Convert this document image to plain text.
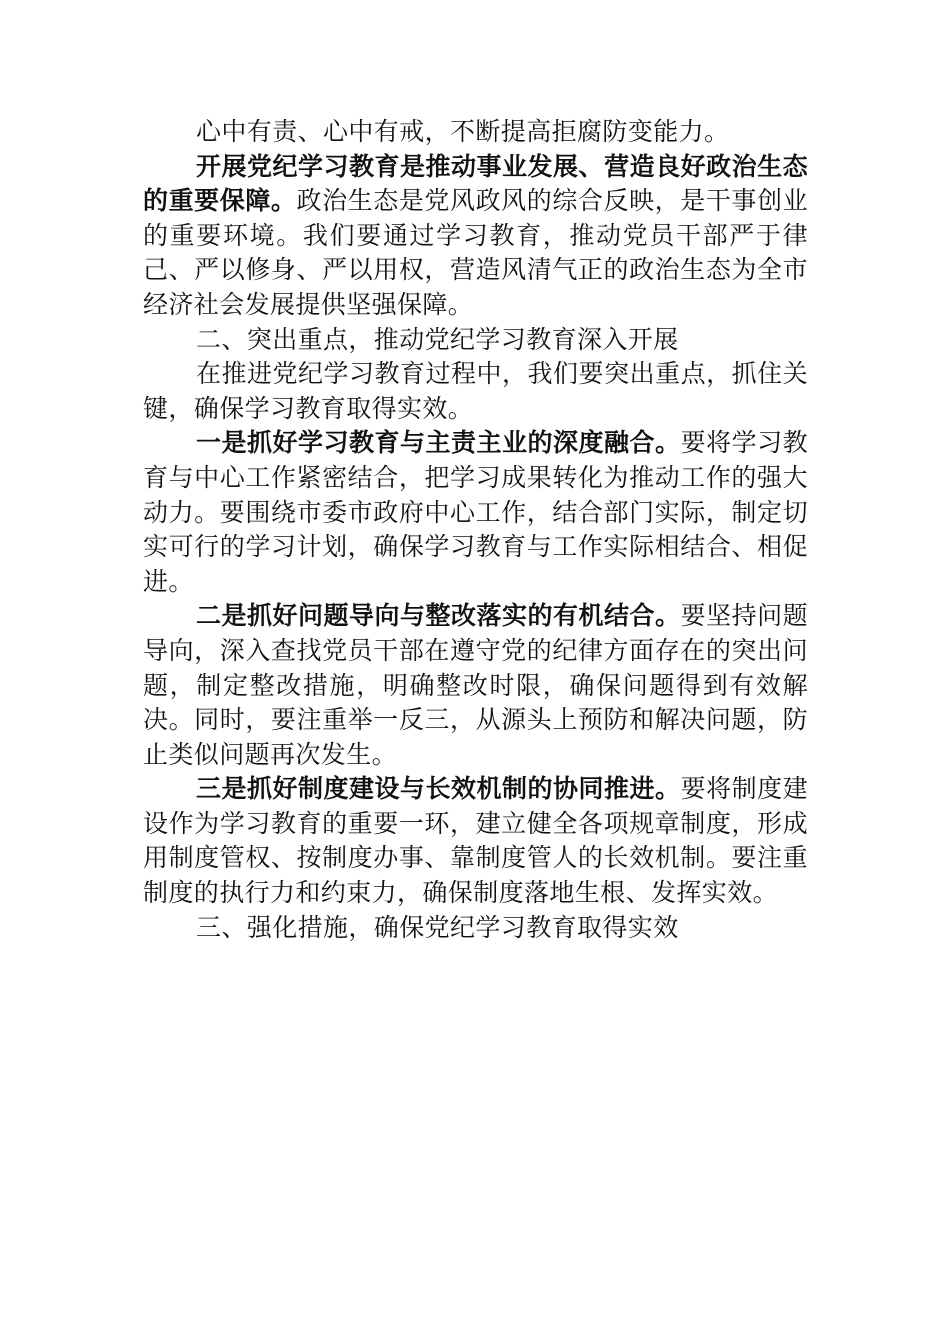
心中有责、心中有戒，不断提高拒腐防变能力。

开展党纪学习教育是推动事业发展、营造良好政治生态的重要保障。政治生态是党风政风的综合反映，是干事创业的重要环境。我们要通过学习教育，推动党员干部严于律己、严以修身、严以用权，营造风清气正的政治生态为全市经济社会发展提供坚强保障。

二、突出重点，推动党纪学习教育深入开展

在推进党纪学习教育过程中，我们要突出重点，抓住关键，确保学习教育取得实效。

一是抓好学习教育与主责主业的深度融合。要将学习教育与中心工作紧密结合，把学习成果转化为推动工作的强大动力。要围绕市委市政府中心工作，结合部门实际，制定切实可行的学习计划，确保学习教育与工作实际相结合、相促进。

二是抓好问题导向与整改落实的有机结合。要坚持问题导向，深入查找党员干部在遵守党的纪律方面存在的突出问题，制定整改措施，明确整改时限，确保问题得到有效解决。同时，要注重举一反三，从源头上预防和解决问题，防止类似问题再次发生。

三是抓好制度建设与长效机制的协同推进。要将制度建设作为学习教育的重要一环，建立健全各项规章制度，形成用制度管权、按制度办事、靠制度管人的长效机制。要注重制度的执行力和约束力，确保制度落地生根、发挥实效。

三、强化措施，确保党纪学习教育取得实效
